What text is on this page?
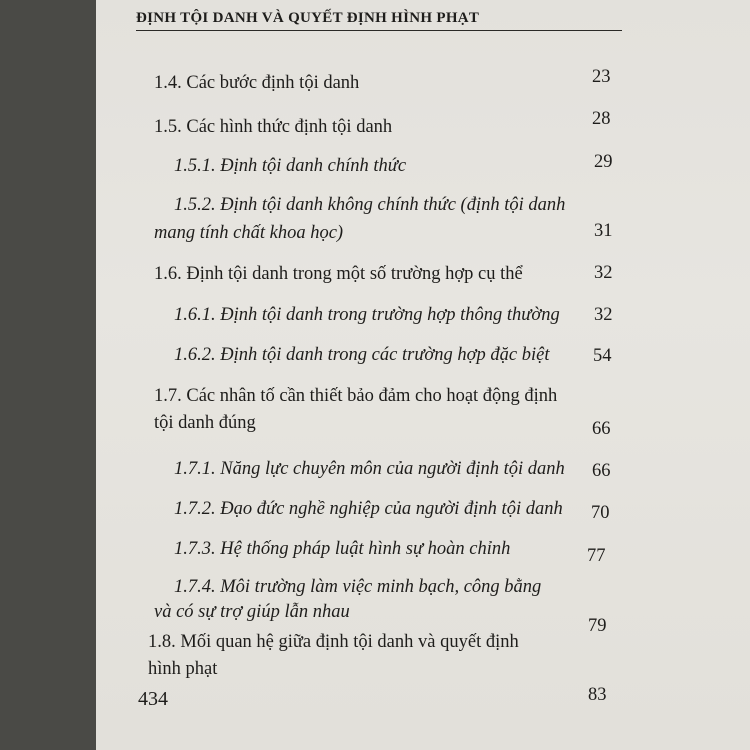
ĐỊNH TỘI DANH VÀ QUYẾT ĐỊNH HÌNH PHẠT
1.4. Các bước định tội danh	23
1.5. Các hình thức định tội danh	28
1.5.1. Định tội danh chính thức	29
1.5.2. Định tội danh không chính thức (định tội danh
mang tính chất khoa học)	31
1.6. Định tội danh trong một số trường hợp cụ thể	32
1.6.1. Định tội danh trong trường hợp thông thường 32
1.6.2. Định tội danh trong các trường hợp đặc biệt 54
1.7. Các nhân tố cần thiết bảo đảm cho hoạt động định
tội danh đúng	66
1.7.1. Năng lực chuyên môn của người định tội danh 66
1.7.2. Đạo đức nghề nghiệp của người định tội danh 70
1.7.3. Hệ thống pháp luật hình sự hoàn chỉnh	77
1.7.4. Môi trường làm việc minh bạch, công bằng
và có sự trợ giúp lẫn nhau
79
1.8. Mối quan hệ giữa định tội danh và quyết định
hình phạt
83
434
